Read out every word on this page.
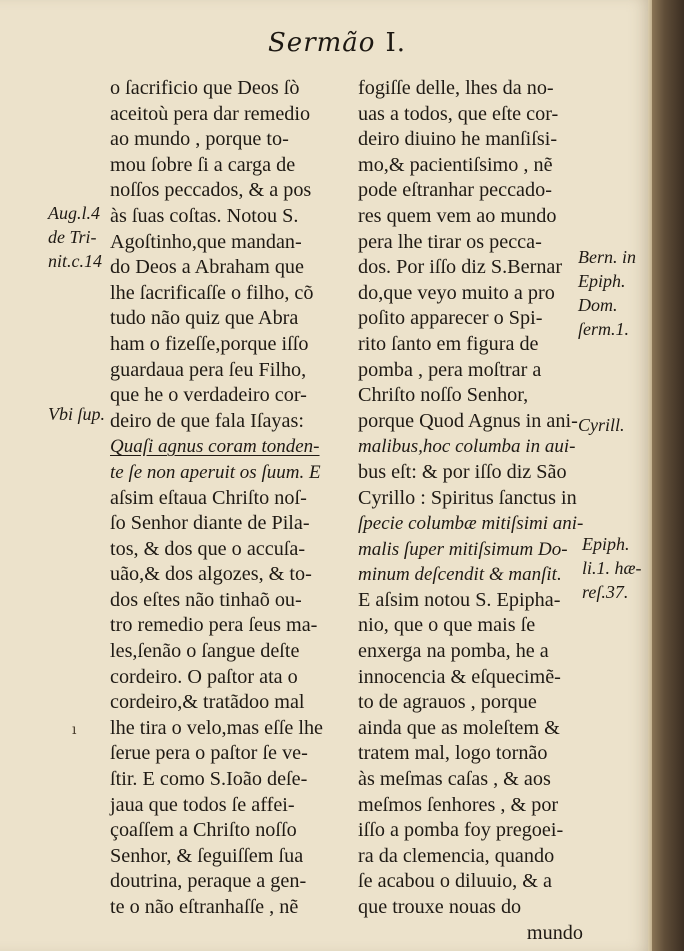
Sermão I.
o ſacrificio que Deos ſò
aceitoù pera dar remedio
ao mundo , porque to-
mou ſobre ſi a carga de
noſſos peccados, & a pos
às ſuas coſtas. Notou S.
Agoſtinho,que mandan-
do Deos a Abraham que
lhe ſacrificaſſe o filho, cõ
tudo não quiz que Abra
ham o fizeſſe,porque iſſo
guardaua pera ſeu Filho,
que he o verdadeiro cor-
deiro de que fala Iſayas:
Quaſi agnus coram tonden-
te ſe non aperuit os ſuum. E
aſsim eſtaua Chriſto noſ-
ſo Senhor diante de Pila-
tos, & dos que o accuſa-
uão,& dos algozes, & to-
dos eſtes não tinhaõ ou-
tro remedio pera ſeus ma-
les,ſenão o ſangue deſte
cordeiro. O paſtor ata o
cordeiro,& tratãdoo mal
lhe tira o velo,mas eſſe lhe
ſerue pera o paſtor ſe ve-
ſtir. E como S.Ioão deſe-
jaua que todos ſe affei-
çoaſſem a Chriſto noſſo
Senhor, & ſeguiſſem ſua
doutrina, peraque a gen-
te o não eſtranhaſſe , nẽ
fogiſſe delle, lhes da no-
uas a todos, que eſte cor-
deiro diuino he manſiſsi-
mo,& pacientiſsimo , nẽ
pode eſtranhar peccado-
res quem vem ao mundo
pera lhe tirar os pecca-
dos. Por iſſo diz S.Bernar
do,que veyo muito a pro
poſito apparecer o Spi-
rito ſanto em figura de
pomba , pera moſtrar a
Chriſto noſſo Senhor,
porque Quod Agnus in ani-
malibus,hoc columba in aui-
bus eſt: & por iſſo diz São
Cyrillo : Spiritus ſanctus in
ſpecie columbæ mitiſsimi ani-
malis ſuper mitiſsimum Do-
minum deſcendit & manſit.
E aſsim notou S. Epipha-
nio, que o que mais ſe
enxerga na pomba, he a
innocencia & eſquecimẽ-
to de agrauos , porque
ainda que as moleſtem &
tratem mal, logo tornão
às meſmas caſas , & aos
meſmos ſenhores , & por
iſſo a pomba foy pregoei-
ra da clemencia, quando
ſe acabou o diluuio, & a
que trouxe nouas do
mundo
Aug.l.4
de Tri-
nit.c.14
Vbi ſup.
Bern. in
Epiph.
Dom.
ſerm.1.
Cyrill.
Epiph.
li.1. hæ-
reſ.37.
ı
